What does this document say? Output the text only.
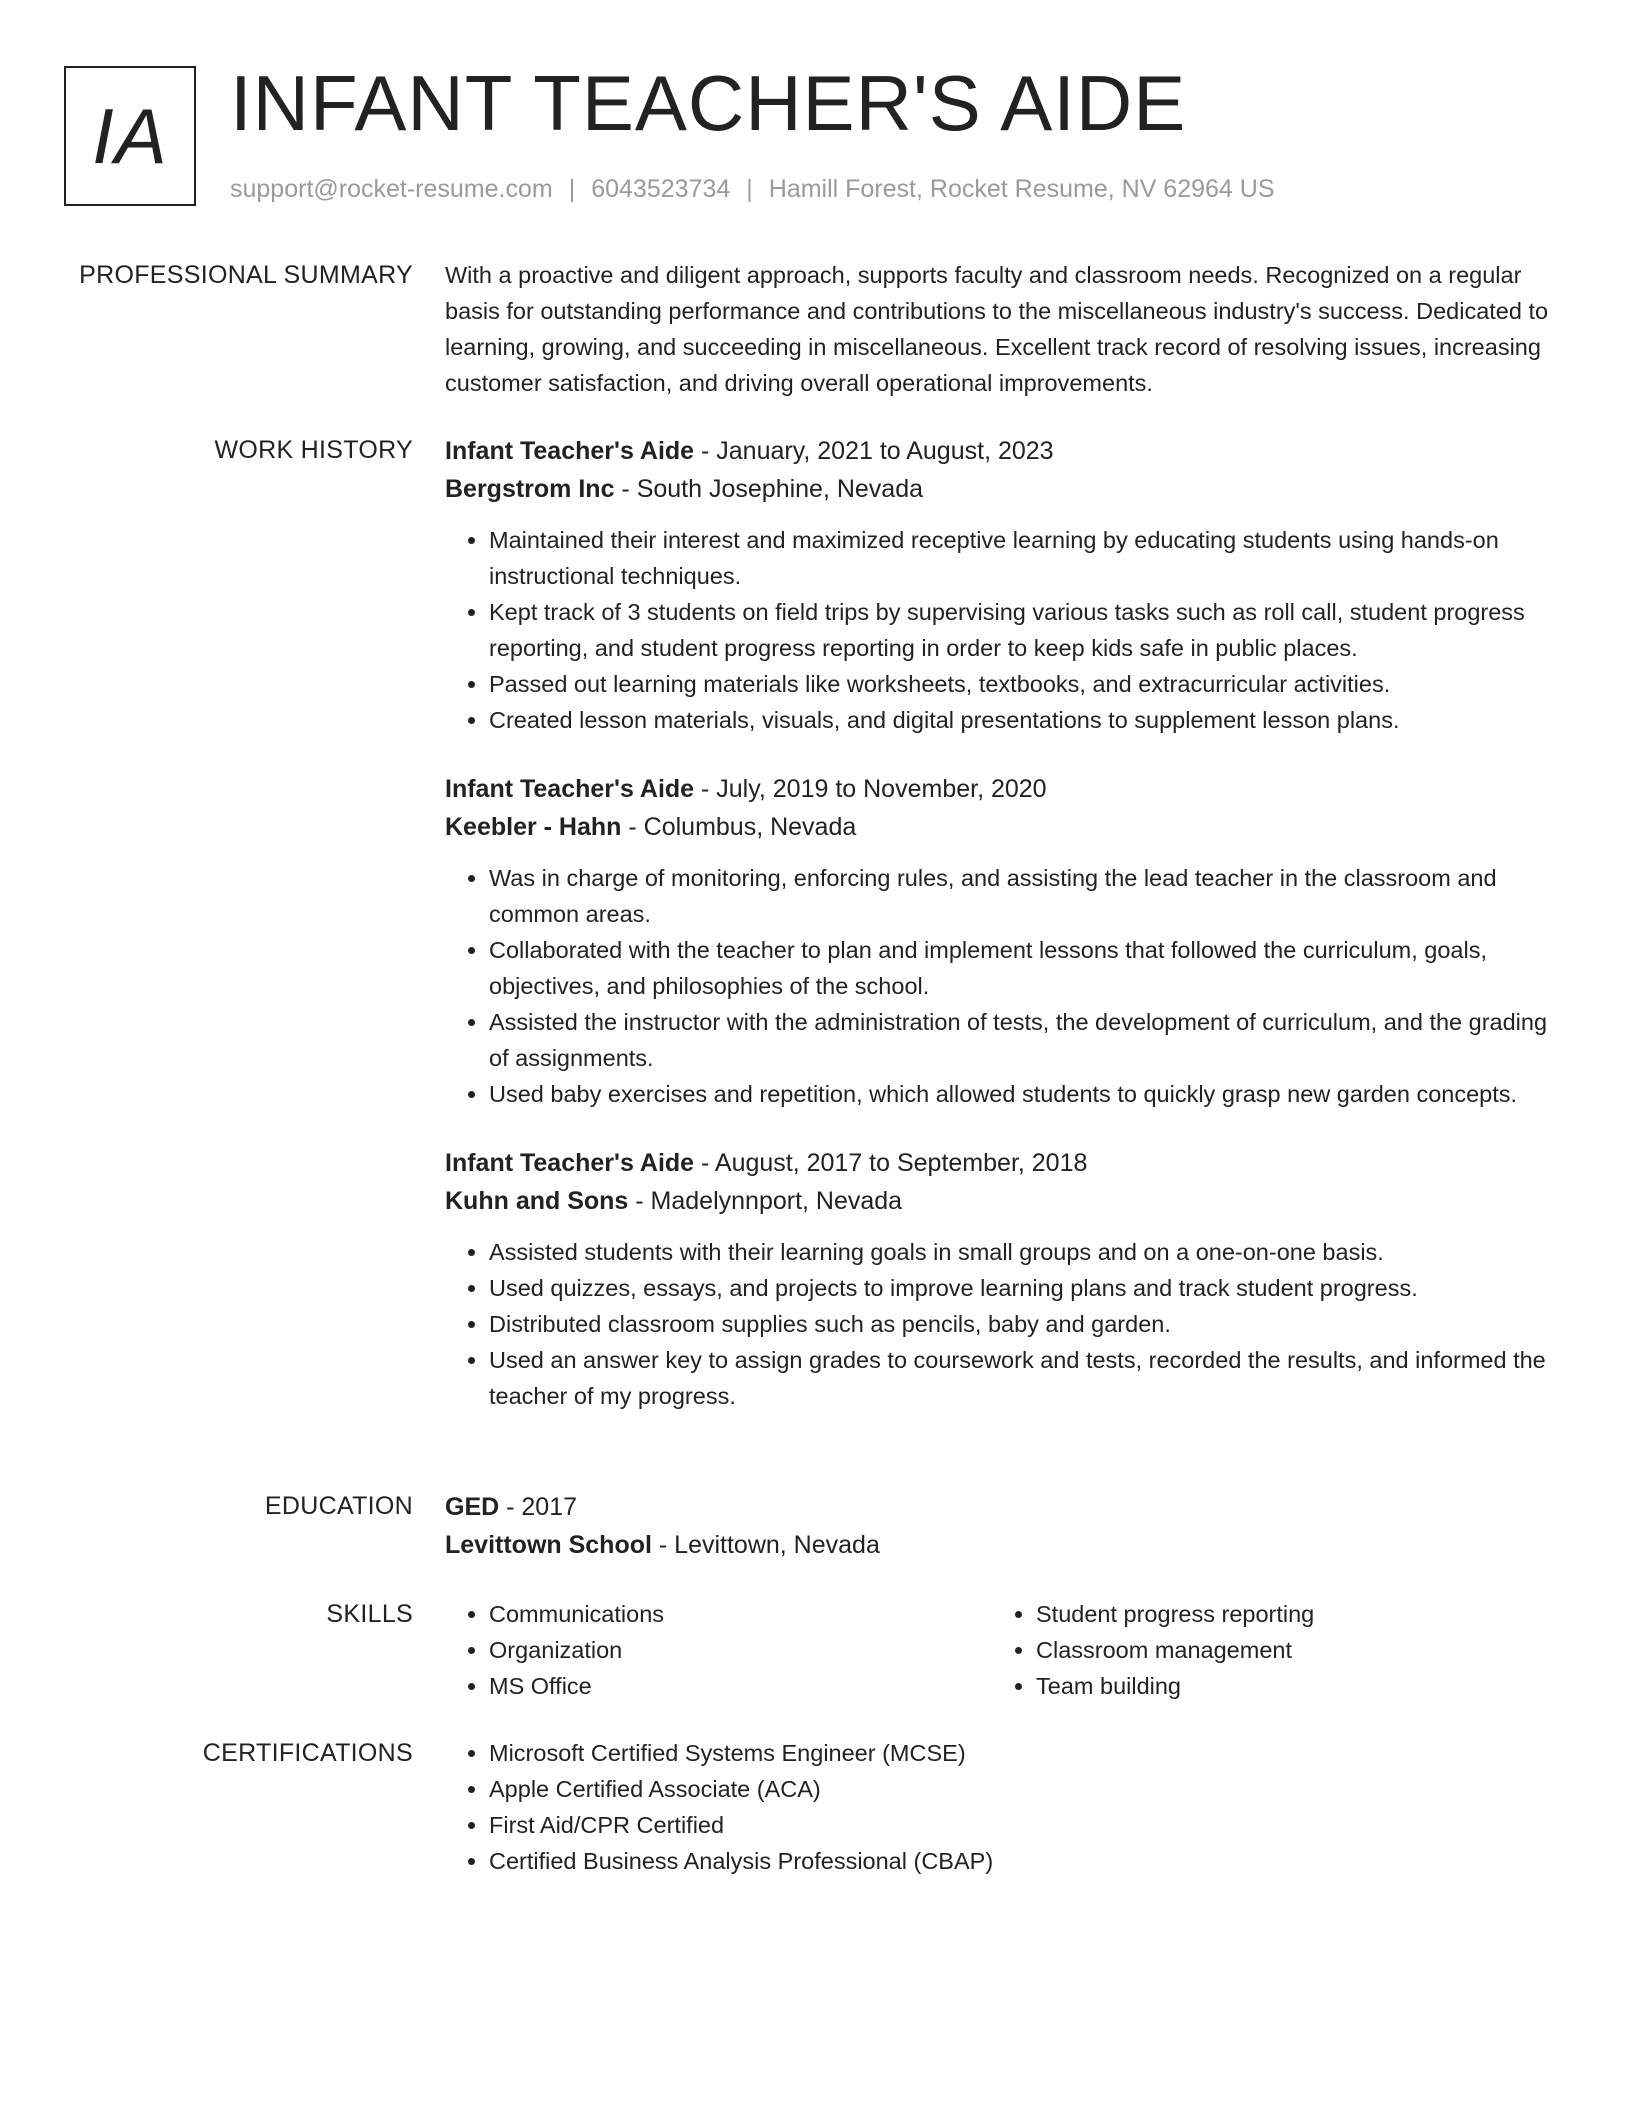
IA INFANT TEACHER'S AIDE
support@rocket-resume.com | 6043523734 | Hamill Forest, Rocket Resume, NV 62964 US
PROFESSIONAL SUMMARY With a proactive and diligent approach, supports faculty and classroom needs. Recognized on a regular basis for outstanding performance and contributions to the miscellaneous industry's success. Dedicated to learning, growing, and succeeding in miscellaneous. Excellent track record of resolving issues, increasing customer satisfaction, and driving overall operational improvements.

WORK HISTORY Infant Teacher's Aide - January, 2021 to August, 2023

Bergstrom Inc - South Josephine, Nevada

• Maintained their interest and maximized receptive learning by educating students using hands-on instructional techniques.
• Kept track of 3 students on field trips by supervising various tasks such as roll call, student progress reporting, and student progress reporting in order to keep kids safe in public places.
• Passed out learning materials like worksheets, textbooks, and extracurricular activities.
• Created lesson materials, visuals, and digital presentations to supplement lesson plans.

Infant Teacher's Aide - July, 2019 to November, 2020

Keebler - Hahn - Columbus, Nevada

• Was in charge of monitoring, enforcing rules, and assisting the lead teacher in the classroom and common areas.
• Collaborated with the teacher to plan and implement lessons that followed the curriculum, goals, objectives, and philosophies of the school.
• Assisted the instructor with the administration of tests, the development of curriculum, and the grading of assignments.
• Used baby exercises and repetition, which allowed students to quickly grasp new garden concepts.

Infant Teacher's Aide - August, 2017 to September, 2018

Kuhn and Sons - Madelynnport, Nevada

• Assisted students with their learning goals in small groups and on a one-on-one basis.
• Used quizzes, essays, and projects to improve learning plans and track student progress.
• Distributed classroom supplies such as pencils, baby and garden.
• Used an answer key to assign grades to coursework and tests, recorded the results, and informed the teacher of my progress.
EDUCATION GED - 2017

Levittown School - Levittown, Nevada

SKILLS	• Communications
• Organization
• MS Office
• Student progress reporting
• Classroom management
• Team building
CERTIFICATIONS	• Microsoft Certified Systems Engineer (MCSE)
• Apple Certified Associate (ACA)
• First Aid/CPR Certified
• Certified Business Analysis Professional (CBAP)
